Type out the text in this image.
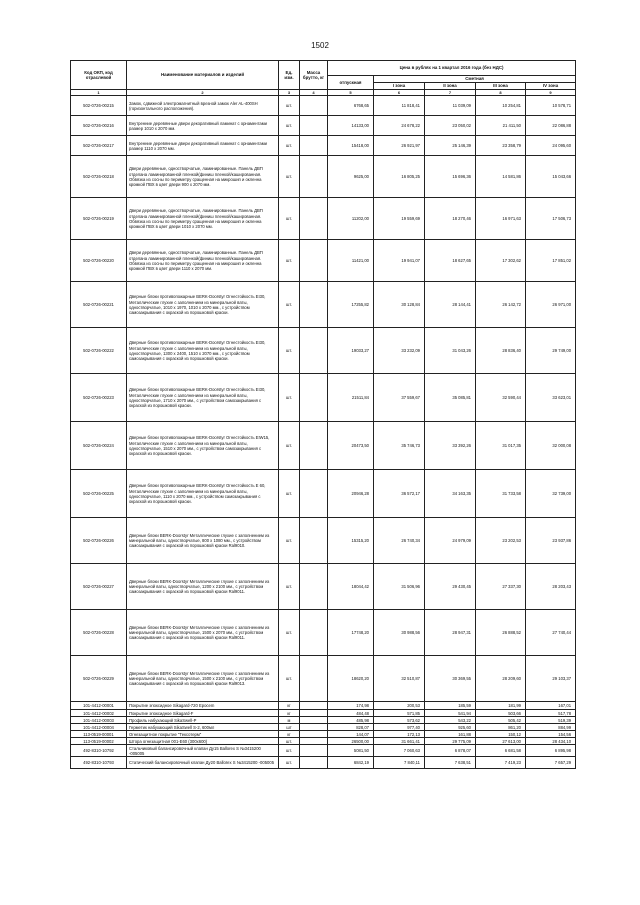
1502
Код ОКП, код отраслевой	Наименование материалов и изделий	Ед. изм.	Масса брутто, кг	Цена в рублях на 1 квартал 2016 года (без НДС)				
				отпускная	Сметная			
					I зона	II зона	III зона	IV зона
1	2	3	4	5	6	7	8	9
502-0726-00215	Замок, сдвижной электромагнитный врезной замок Aler AL-400SH (горизонтального расположения).	шт.		6768,65	11 818,41	11 039,09	10 254,81	10 578,71
502-0726-00216	Внутренние деревянные двери декоративный ламинат с орнаментами размер 1010 х 2070 мм.	шт.		14133,00	24 678,22	23 050,02	21 411,50	22 086,88
502-0726-00217	Внутренние деревянные двери декоративный ламинат с орнаментами размер 1110 х 2070 мм.	шт.		15418,00	26 921,97	25 146,39	23 358,79	24 095,60
502-0726-00218	Двери деревянные, одностворчатые, ламинированные. Панель ДВП отделана ламинированной пленкой(финиш пленкой/кашированная. Обвязка из сосны по периметру сращенная на микрошип и окленна кромкой ПВХ в цвет двери 900 х 2070 мм.	шт.		9625,00	16 805,25	15 696,36	14 581,86	15 043,66
502-0726-00219	Двери деревянные, одностворчатые, ламинированные. Панель ДВП отделана ламинированной пленкой(финиш пленкой/кашированная. Обвязка из сосны по периметру сращенная на микрошип и окленна кромкой ПВХ в цвет двери 1010 х 2070 мм.	шт.		11202,00	19 559,69	18 270,46	16 971,63	17 506,73
502-0726-00220	Двери деревянные, одностворчатые, ламинированные. Панель ДВП отделана ламинированной пленкой(финиш пленкой/кашированная. Обвязка из сосны по периметру сращенная на микрошип и окленна кромкой ПВХ в цвет двери 1110 х 2070 мм.	шт.		11421,00	19 941,07	18 627,65	17 302,62	17 851,02
502-0726-00221	Дверные блоки противопожарные BERK-Doorstyr Огнестойкость EI30, Металлические глухие с заполнением из минеральной ваты, одностворчатые, 1010 х 1970, 1010 х 2070 мм., с устройством самозакрывания с окраской из порошковой краски.	шт.		17255,82	30 128,84	28 144,41	26 142,72	26 971,00
502-0726-00222	Дверные блоки противопожарные BERK-Doorstyr Огнестойкость EI30, Металлические глухие с заполнением из минеральной ваты, одностворчатые, 1300 х 2400, 1510 х 2070 мм., с устройством самозакрывания с окраской из порошковой краски.	шт.		19033,27	33 232,09	31 043,26	28 836,40	29 749,00
502-0726-00223	Дверные блоки противопожарные BERK-Doorstyr Огнестойкость EI30, Металлические глухие с заполнением из минеральной ваты, одностворчатые, 1710 х 2070 мм., с устройством самозакрывания с окраской из порошковой краски.	шт.		21511,84	37 559,67	35 085,81	32 590,44	33 623,01
502-0726-00224	Дверные блоки противопожарные BERK-Doorstyr Огнестойкость EIW15, Металлические глухие с заполнением из минеральной ваты, одностворчатые, 1510 х 2070 мм., с устройством самозакрывания с окраской из порошковой краски.	шт.		20473,50	35 746,73	33 392,26	31 017,35	32 000,08
502-0726-00225	Дверные блоки противопожарные BERK-Doorstyr Огнестойкость Е 60, Металлические глухие с заполнением из минеральной ваты, одностворчатые, 1110 х 2070 мм., с устройством самозакрывания с окраской из порошковой краски.	шт.		20946,28	36 572,17	34 163,35	31 733,58	32 739,00
502-0726-00226	Дверные блоки BERK-Doorstyr Металлические глухие с заполнением из минеральной ваты, одностворчатые, 800 х 1080 мм., с устройством самозакрывания с окраской из порошковой краски Ral9010.	шт.		15315,20	26 740,34	24 979,09	23 202,53	23 937,86
502-0726-00227	Дверные блоки BERK-Doorstyr Металлические глухие с заполнением из минеральной ваты, одностворчатые, 1200 х 2100 мм., с устройством самозакрывания с окраской из порошковой краски Ral9011.	шт.		18044,42	31 506,96	29 430,45	27 337,30	28 203,43
502-0726-00228	Дверные блоки BERK-Doorstyr Металлические глухие с заполнением из минеральной ваты, одностворчатые, 1500 х 2070 мм., с устройством самозакрывания с окраской из порошковой краски Ral9011.	шт.		17748,20	30 988,56	28 947,31	26 888,52	27 740,44
502-0726-00229	Дверные блоки BERK-Doorstyr Металлические глухие с заполнением из минеральной ваты, одностворчатые, 1500 х 2100 мм., с устройством самозакрывания с окраской из порошковой краски Ral9013.	шт.		18620,20	32 510,87	30 369,55	28 209,60	29 103,37
101-4412-00001	Покрытие эпоксидное Sikagard-720 Epocem	кг		174,98	200,53	185,59	181,99	167,01
101-4412-00002	Покрытие эпоксидное Sikagard-F	кг		484,48	571,85	541,94	503,66	517,78
101-4412-00003	Профиль набухающий SikaSwell-P	м		485,98	573,62	543,22	505,42	519,39
101-4412-00004	Герметик набухающий SikaSwell S-2, 600мл	шт		828,07	977,40	925,60	861,20	884,99
113-0519-00001	Огнезащитное покрытие "Тексотерм"	кг		144,07	172,13	161,88	150,12	154,56
113-0519-00002	Штора огнезащитная 001-Е60 (300х600)	шт.		26500,00	31 661,41	29 775,09	27 613,00	28 434,10
492-8310-10792	Стальчиковый балансировочный клапан Ду15 Ballorex S №3415200 -005005	шт.		5081,50	7 060,63	6 878,07	6 681,58	6 895,98
492-8310-10793	Статический балансировочный клапан Ду20 Ballorex S №3415200 -005005	шт.		6842,19	7 840,11	7 638,51	7 419,23	7 657,29
